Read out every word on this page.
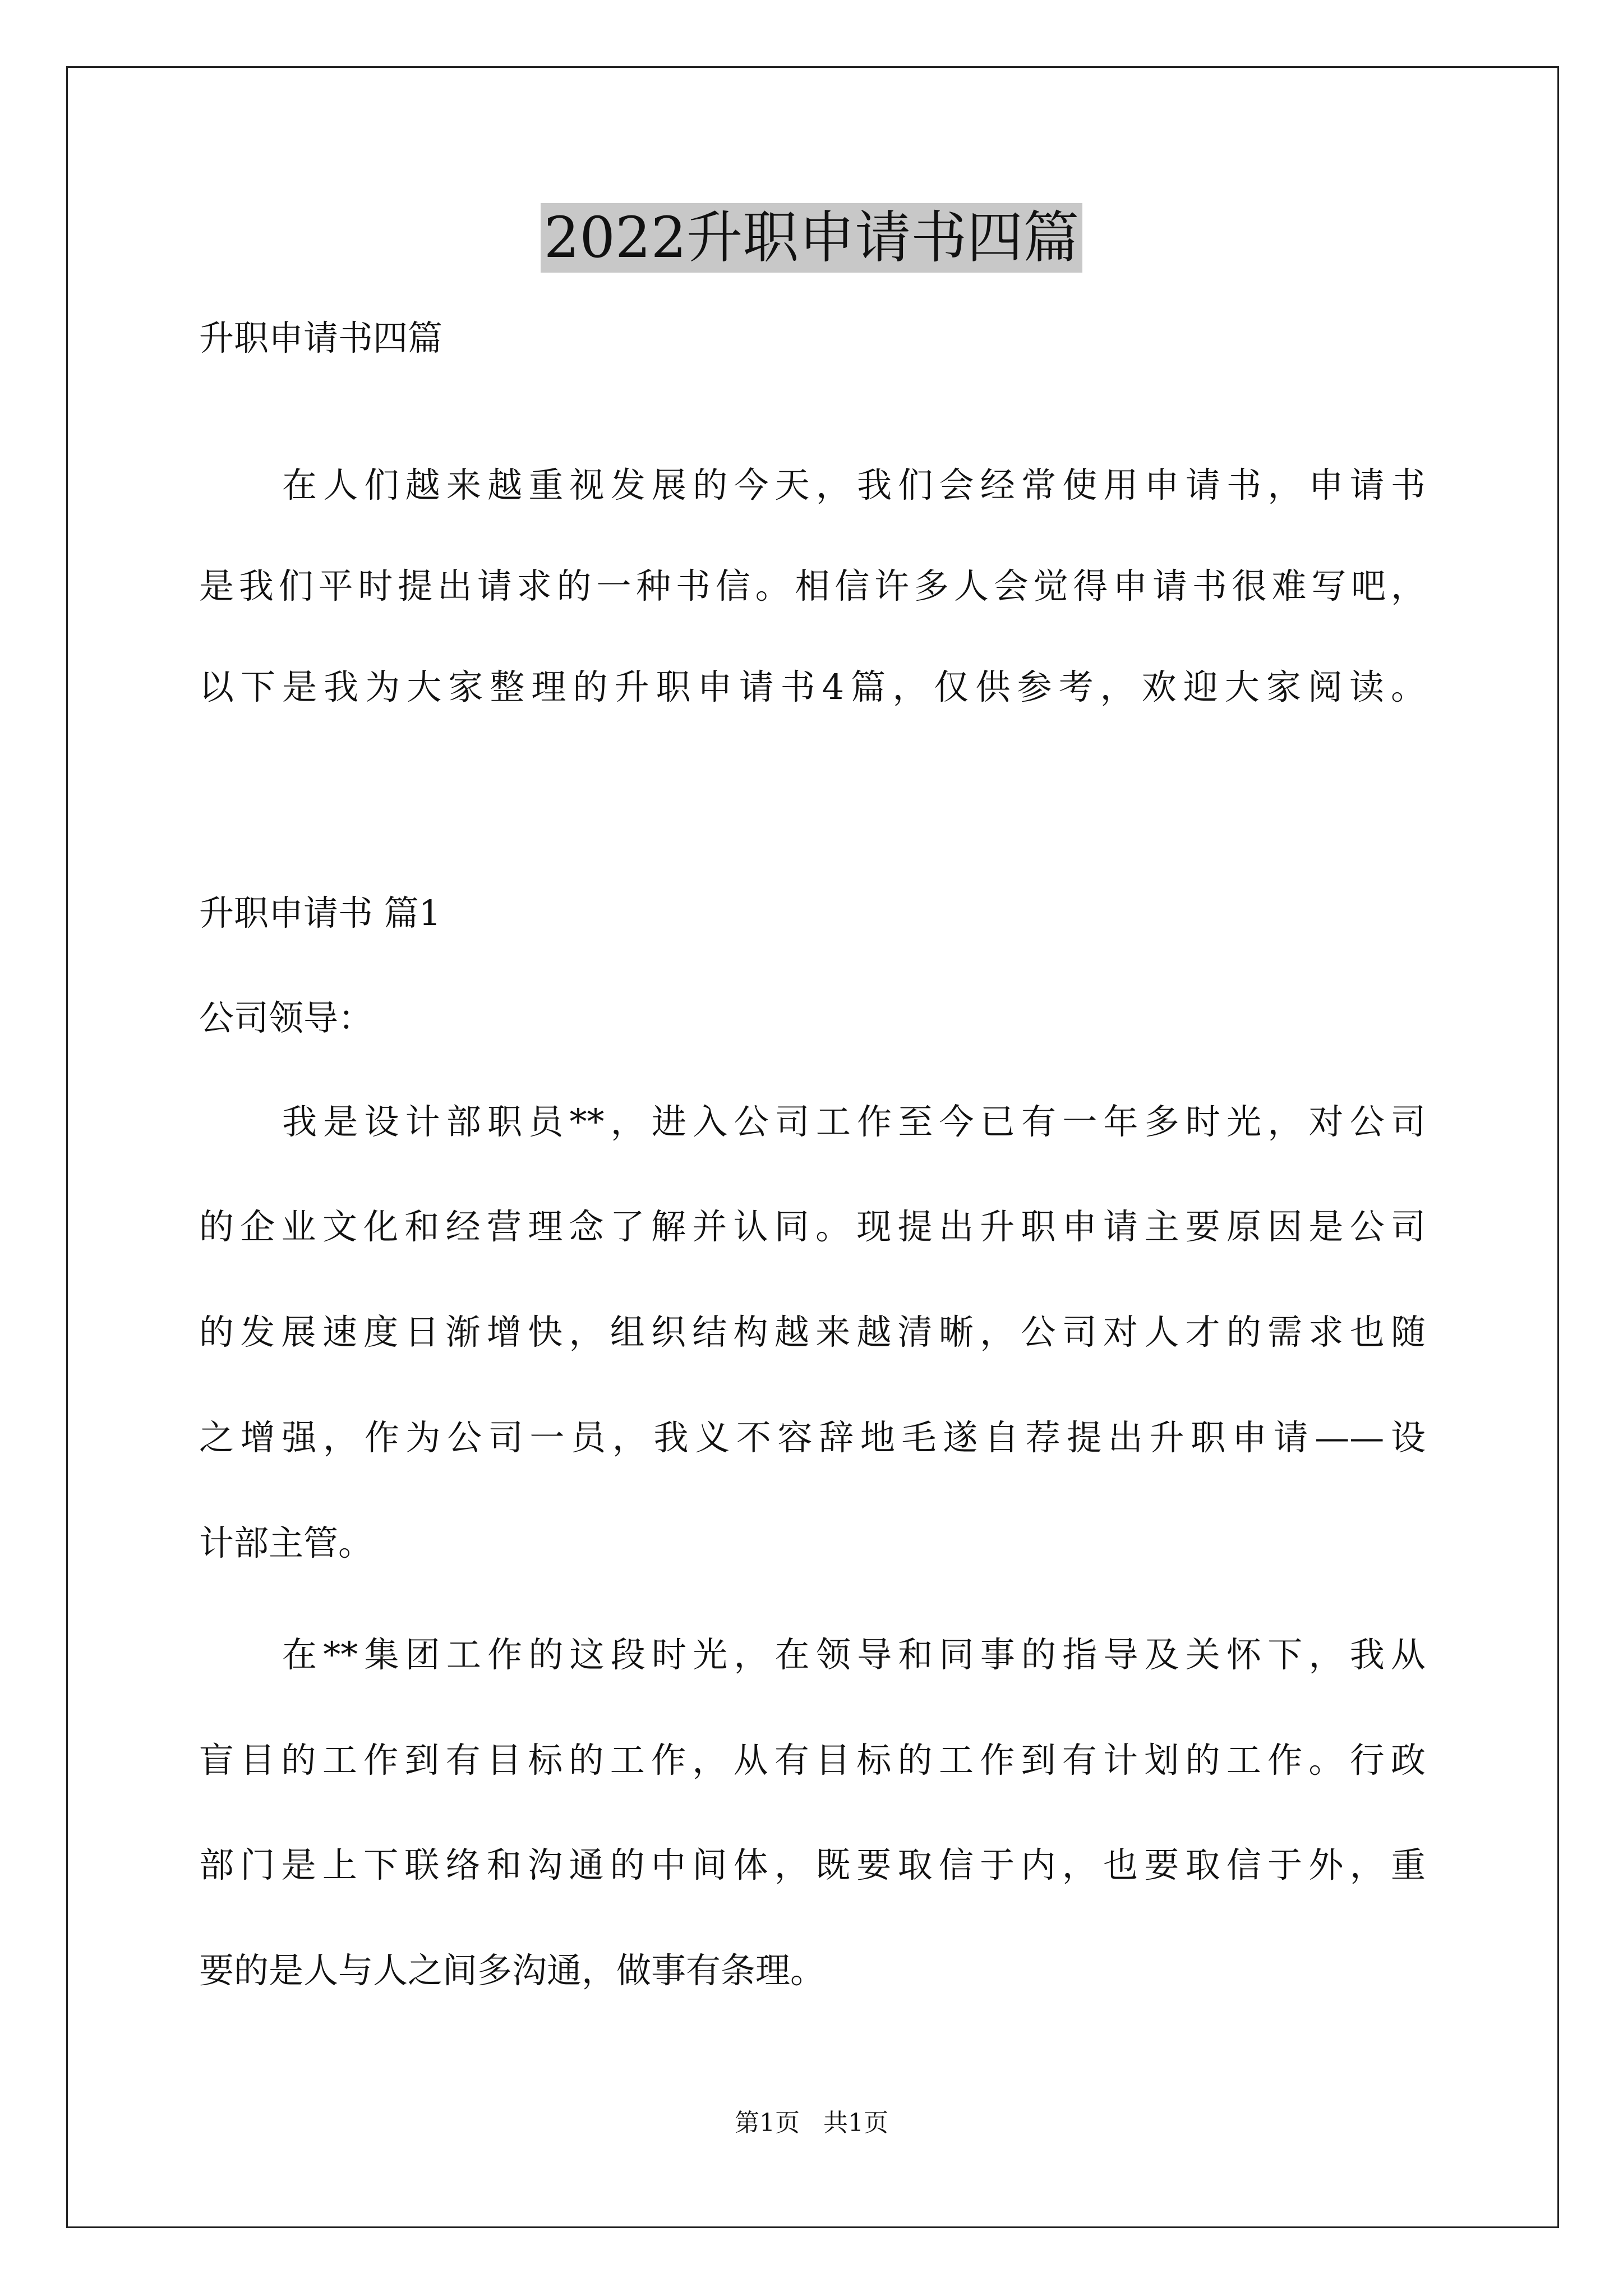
2022升职申请书四篇
升职申请书四篇
在人们越来越重视发展的今天，我们会经常使用申请书，申请书
是我们平时提出请求的一种书信。相信许多人会觉得申请书很难写吧，
以下是我为大家整理的升职申请书4篇，仅供参考，欢迎大家阅读。
升职申请书 篇1
公司领导：
我是设计部职员**，进入公司工作至今已有一年多时光，对公司
的企业文化和经营理念了解并认同。现提出升职申请主要原因是公司
的发展速度日渐增快，组织结构越来越清晰，公司对人才的需求也随
之增强，作为公司一员，我义不容辞地毛遂自荐提出升职申请——设
计部主管。
在**集团工作的这段时光，在领导和同事的指导及关怀下，我从
盲目的工作到有目标的工作，从有目标的工作到有计划的工作。行政
部门是上下联络和沟通的中间体，既要取信于内，也要取信于外，重
要的是人与人之间多沟通，做事有条理。
第1页 共1页
